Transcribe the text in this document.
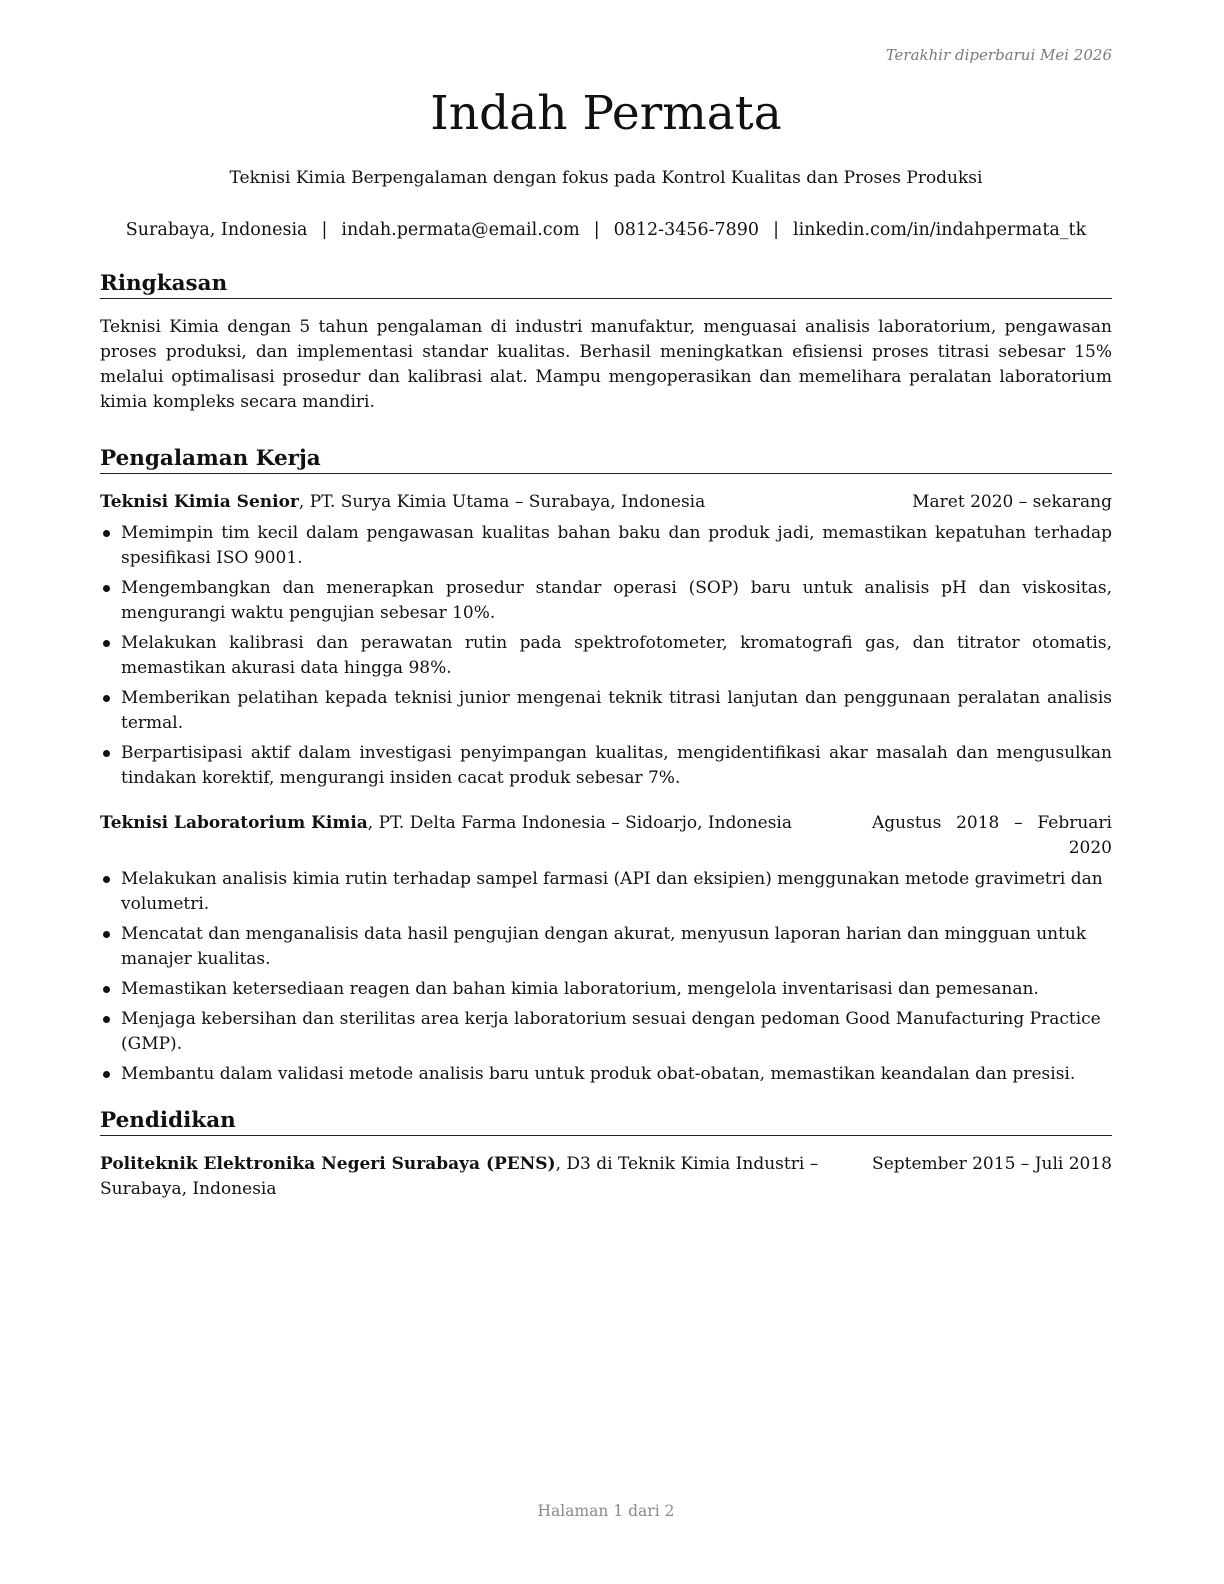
Terakhir diperbarui Mei 2026
Indah Permata
Teknisi Kimia Berpengalaman dengan fokus pada Kontrol Kualitas dan Proses Produksi
Surabaya, Indonesia | indah.permata@email.com | 0812-3456-7890 | linkedin.com/in/indahpermata_tk
Ringkasan

Teknisi Kimia dengan 5 tahun pengalaman di industri manufaktur, menguasai analisis laboratorium, pengawasan proses produksi, dan implementasi standar kualitas. Berhasil meningkatkan efisiensi proses titrasi sebesar 15% melalui optimalisasi prosedur dan kalibrasi alat. Mampu mengoperasikan dan memelihara peralatan laboratorium kimia kompleks secara mandiri.

Pengalaman Kerja
Teknisi Kimia Senior, PT. Surya Kimia Utama – Surabaya, Indonesia	Maret 2020 – sekarang
Memimpin tim kecil dalam pengawasan kualitas bahan baku dan produk jadi, memastikan kepatuhan terhadap spesifikasi ISO 9001.
Mengembangkan dan menerapkan prosedur standar operasi (SOP) baru untuk analisis pH dan viskositas, mengurangi waktu pengujian sebesar 10%.
Melakukan kalibrasi dan perawatan rutin pada spektrofotometer, kromatografi gas, dan titrator otomatis, memastikan akurasi data hingga 98%.
Memberikan pelatihan kepada teknisi junior mengenai teknik titrasi lanjutan dan penggunaan peralatan analisis termal.
Berpartisipasi aktif dalam investigasi penyimpangan kualitas, mengidentifikasi akar masalah dan mengusulkan tindakan korektif, mengurangi insiden cacat produk sebesar 7%.
Teknisi Laboratorium Kimia, PT. Delta Farma Indonesia – Sidoarjo, Indonesia	Agustus 2018 – Februari 2020
Melakukan analisis kimia rutin terhadap sampel farmasi (API dan eksipien) menggunakan metode gravimetri dan volumetri.
Mencatat dan menganalisis data hasil pengujian dengan akurat, menyusun laporan harian dan mingguan untuk manajer kualitas.
Memastikan ketersediaan reagen dan bahan kimia laboratorium, mengelola inventarisasi dan pemesanan.
Menjaga kebersihan dan sterilitas area kerja laboratorium sesuai dengan pedoman Good Manufacturing Practice (GMP).
Membantu dalam validasi metode analisis baru untuk produk obat-obatan, memastikan keandalan dan presisi.
Pendidikan
Politeknik Elektronika Negeri Surabaya (PENS), D3 di Teknik Kimia Industri – Surabaya, Indonesia
September 2015 – Juli 2018
Halaman 1 dari 2
